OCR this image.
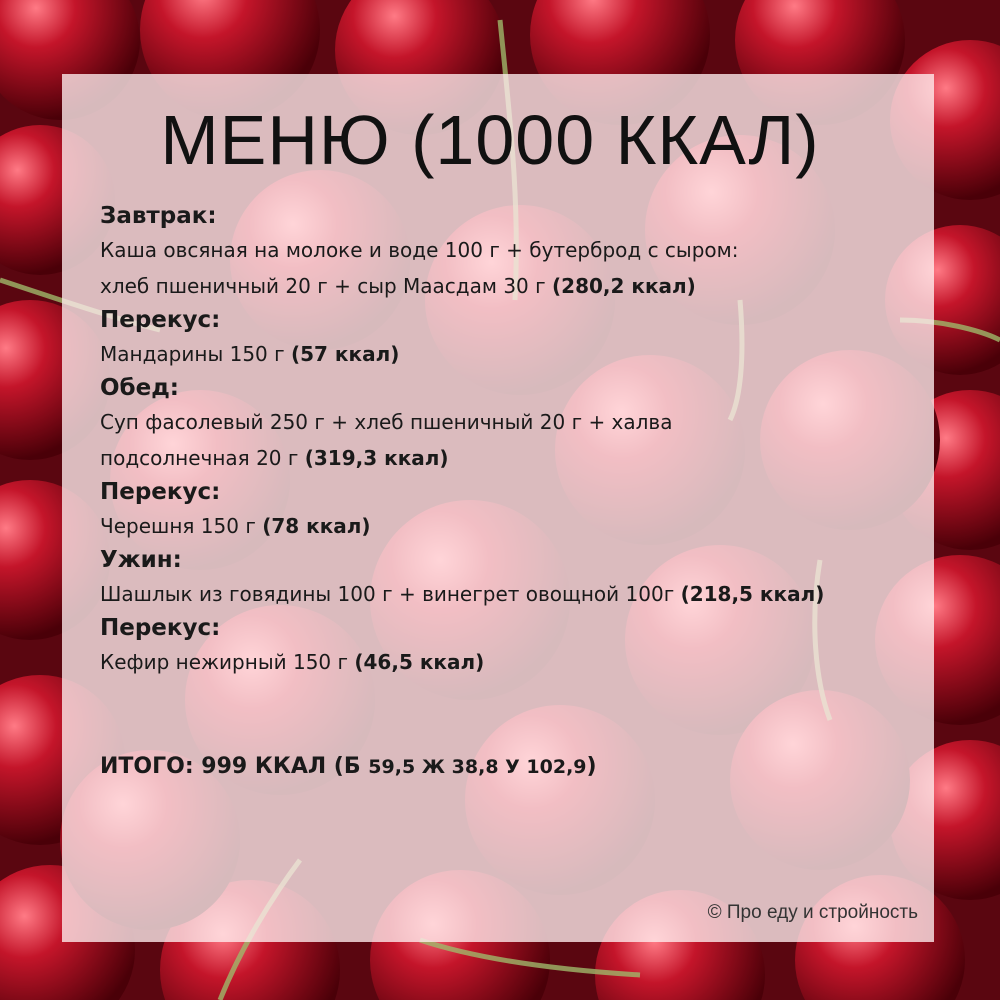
МЕНЮ (1000 ККАЛ)
Завтрак:
Каша овсяная на молоке и воде 100 г + бутерброд с сыром:
хлеб пшеничный 20 г + сыр Маасдам 30 г (280,2 ккал)
Перекус:
Мандарины 150 г (57 ккал)
Обед:
Суп фасолевый 250 г + хлеб пшеничный 20 г + халва
подсолнечная 20 г (319,3 ккал)
Перекус:
Черешня 150 г (78 ккал)
Ужин:
Шашлык из говядины 100 г + винегрет овощной 100г (218,5 ккал)
Перекус:
Кефир нежирный 150 г (46,5 ккал)
ИТОГО: 999 ККАЛ (Б 59,5 Ж 38,8 У 102,9)
© Про еду и стройность
